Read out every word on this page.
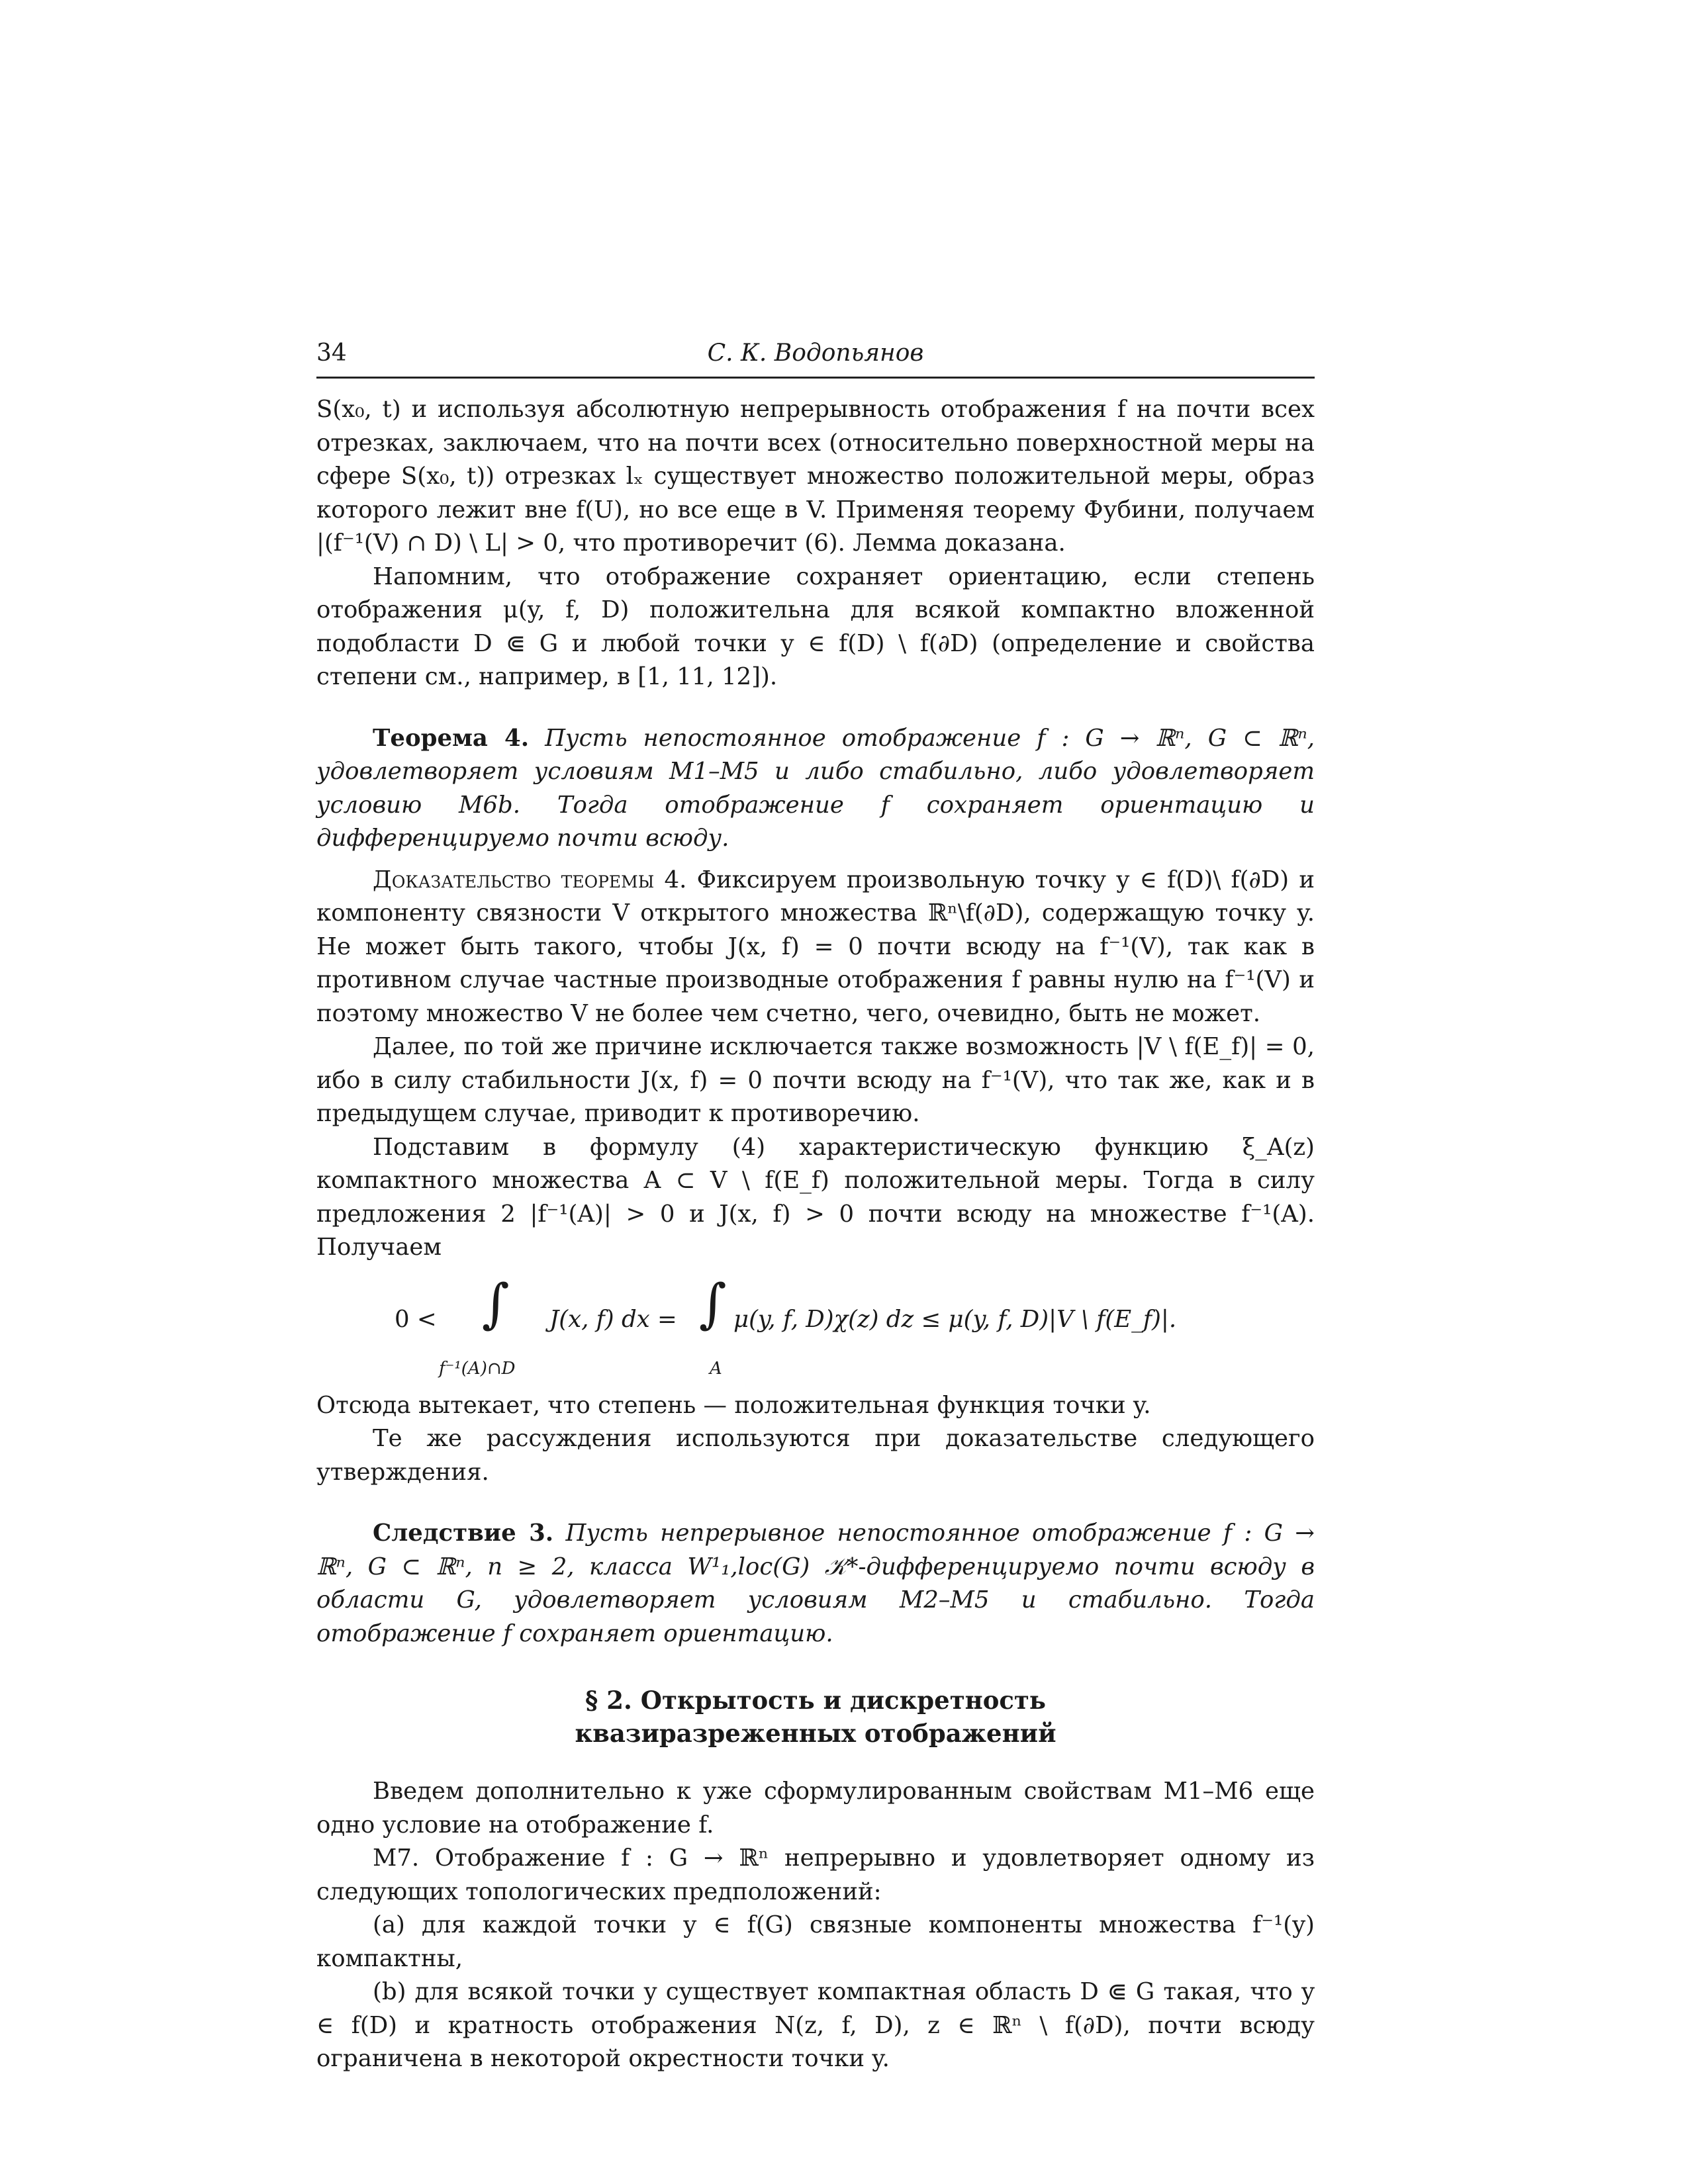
34	С. К. Водопьянов

S(x₀, t) и используя абсолютную непрерывность отображения f на почти всех отрезках, заключаем, что на почти всех (относительно поверхностной меры на сфере S(x₀, t)) отрезках lₓ существует множество положительной меры, образ которого лежит вне f(U), но все еще в V. Применяя теорему Фубини, получаем |(f⁻¹(V) ∩ D) \ L| > 0, что противоречит (6). Лемма доказана.

Напомним, что отображение сохраняет ориентацию, если степень отображения μ(y, f, D) положительна для всякой компактно вложенной подобласти D ⋐ G и любой точки y ∈ f(D) \ f(∂D) (определение и свойства степени см., например, в [1, 11, 12]).

Теорема 4. Пусть непостоянное отображение f : G → ℝⁿ, G ⊂ ℝⁿ, удовлетворяет условиям M1–M5 и либо стабильно, либо удовлетворяет условию M6b. Тогда отображение f сохраняет ориентацию и дифференцируемо почти всюду.

Доказательство теоремы 4. Фиксируем произвольную точку y ∈ f(D)\ f(∂D) и компоненту связности V открытого множества ℝⁿ\f(∂D), содержащую точку y. Не может быть такого, чтобы J(x, f) = 0 почти всюду на f⁻¹(V), так как в противном случае частные производные отображения f равны нулю на f⁻¹(V) и поэтому множество V не более чем счетно, чего, очевидно, быть не может.

Далее, по той же причине исключается также возможность |V \ f(E_f)| = 0, ибо в силу стабильности J(x, f) = 0 почти всюду на f⁻¹(V), что так же, как и в предыдущем случае, приводит к противоречию.

Подставим в формулу (4) характеристическую функцию ξ_A(z) компактного множества A ⊂ V \ f(E_f) положительной меры. Тогда в силу предложения 2 |f⁻¹(A)| > 0 и J(x, f) > 0 почти всюду на множестве f⁻¹(A). Получаем

0 < ∫
f⁻¹(A)∩D
J(x, f) dx = ∫
A
μ(y, f, D)χ(z) dz ≤ μ(y, f, D)|V \ f(E_f)|.

Отсюда вытекает, что степень — положительная функция точки y.

Те же рассуждения используются при доказательстве следующего утверждения.

Следствие 3. Пусть непрерывное непостоянное отображение f : G → ℝⁿ, G ⊂ ℝⁿ, n ≥ 2, класса W¹₁,loc(G) 𝒦*-дифференцируемо почти всюду в области G, удовлетворяет условиям M2–M5 и стабильно. Тогда отображение f сохраняет ориентацию.

§ 2. Открытость и дискретность
квазиразреженных отображений

Введем дополнительно к уже сформулированным свойствам M1–M6 еще одно условие на отображение f.

M7. Отображение f : G → ℝⁿ непрерывно и удовлетворяет одному из следующих топологических предположений:

(a) для каждой точки y ∈ f(G) связные компоненты множества f⁻¹(y) компактны,

(b) для всякой точки y существует компактная область D ⋐ G такая, что y ∈ f(D) и кратность отображения N(z, f, D), z ∈ ℝⁿ \ f(∂D), почти всюду ограничена в некоторой окрестности точки y.
